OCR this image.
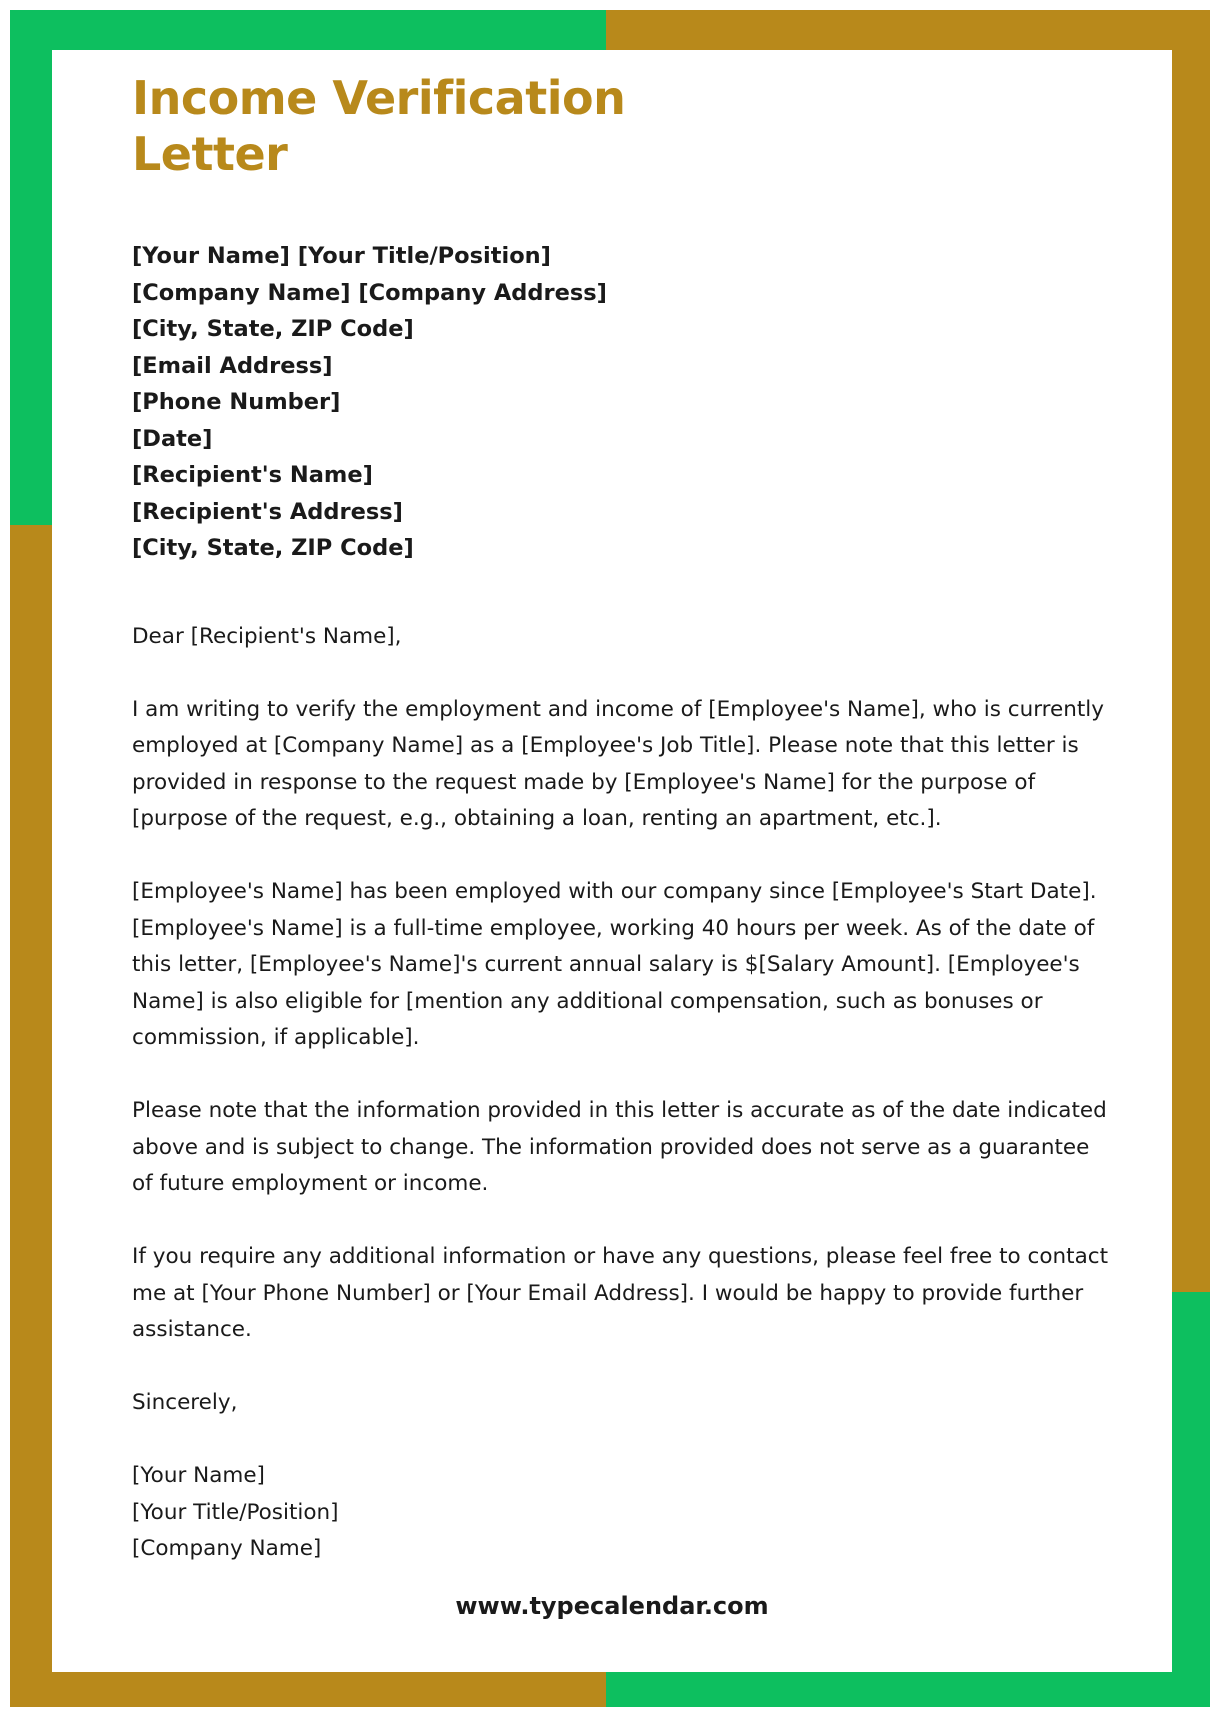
Income Verification
Letter
[Your Name] [Your Title/Position]
[Company Name] [Company Address]
[City, State, ZIP Code]
[Email Address]
[Phone Number]
[Date]
[Recipient's Name]
[Recipient's Address]
[City, State, ZIP Code]

Dear [Recipient's Name],

I am writing to verify the employment and income of [Employee's Name], who is currently employed at [Company Name] as a [Employee's Job Title]. Please note that this letter is provided in response to the request made by [Employee's Name] for the purpose of [purpose of the request, e.g., obtaining a loan, renting an apartment, etc.].

[Employee's Name] has been employed with our company since [Employee's Start Date]. [Employee's Name] is a full-time employee, working 40 hours per week. As of the date of this letter, [Employee's Name]'s current annual salary is $[Salary Amount]. [Employee's Name] is also eligible for [mention any additional compensation, such as bonuses or commission, if applicable].

Please note that the information provided in this letter is accurate as of the date indicated above and is subject to change. The information provided does not serve as a guarantee of future employment or income.

If you require any additional information or have any questions, please feel free to contact me at [Your Phone Number] or [Your Email Address]. I would be happy to provide further assistance.

Sincerely,

[Your Name]
[Your Title/Position]
[Company Name]
www.typecalendar.com
